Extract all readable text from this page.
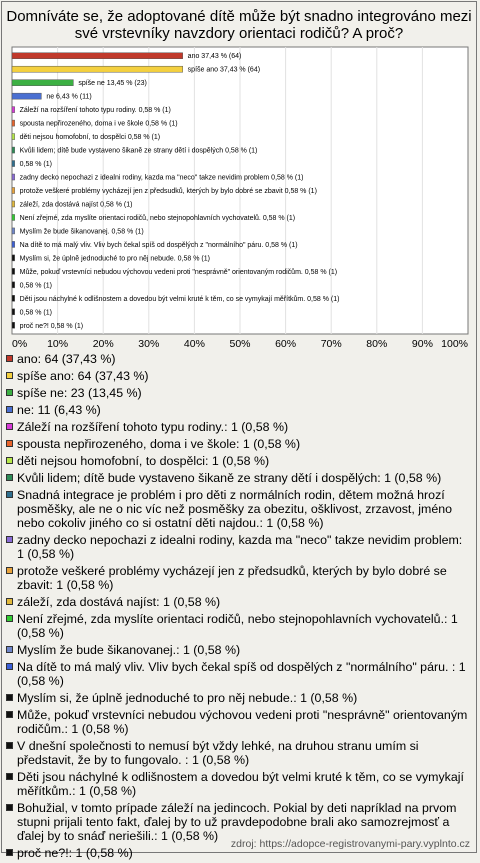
Domníváte se, že adoptované dítě může být snadno integrováno mezi své vrstevníky navzdory orientaci rodičů? A proč?
ano 37,43 % (64)
spíše ano 37,43 % (64)
spíše ne 13,45 % (23)
ne 6,43 % (11)
Záleží na rozšíření tohoto typu rodiny. 0,58 % (1)
spousta nepřirozeného, doma i ve škole 0,58 % (1)
děti nejsou homofobní, to dospělci 0,58 % (1)
Kvůli lidem; dítě bude vystaveno šikaně ze strany dětí i dospělých 0,58 % (1)
0,58 % (1)
zadny decko nepochazi z idealni rodiny, kazda ma "neco" takze nevidim problem 0,58 % (1)
protože veškeré problémy vycházejí jen z předsudků, kterých by bylo dobré se zbavit 0,58 % (1)
záleží, zda dostává najíst 0,58 % (1)
Není zřejmé, zda myslíte orientaci rodičů, nebo stejnopohlavních vychovatelů. 0,58 % (1)
Myslím že bude šikanovanej. 0,58 % (1)
Na dítě to má malý vliv. Vliv bych čekal spíš od dospělých z "normálního" páru. 0,58 % (1)
Myslím si, že úplně jednoduché to pro něj nebude. 0,58 % (1)
Může, pokuď vrstevníci nebudou výchovou vedeni proti "nesprávně" orientovaným rodičům. 0,58 % (1)
0,58 % (1)
Děti jsou náchylné k odlišnostem a dovedou být velmi kruté k těm, co se vymykají měřítkům. 0,58 % (1)
0,58 % (1)
proč ne?! 0,58 % (1)
0% 10% 20% 30% 40% 50% 60% 70% 80% 90% 100%
ano: 64 (37,43 %)
spíše ano: 64 (37,43 %)
spíše ne: 23 (13,45 %)
ne: 11 (6,43 %)
Záleží na rozšíření tohoto typu rodiny.: 1 (0,58 %)
spousta nepřirozeného, doma i ve škole: 1 (0,58 %)
děti nejsou homofobní, to dospělci: 1 (0,58 %)
Kvůli lidem; dítě bude vystaveno šikaně ze strany dětí i dospělých: 1 (0,58 %)
Snadná integrace je problém i pro děti z normálních rodin, dětem možná hrozí posměšky, ale ne o nic víc než posměšky za obezitu, ošklivost, zrzavost, jméno nebo cokoliv jiného co si ostatní děti najdou.: 1 (0,58 %)
zadny decko nepochazi z idealni rodiny, kazda ma "neco" takze nevidim problem: 1 (0,58 %)
protože veškeré problémy vycházejí jen z předsudků, kterých by bylo dobré se zbavit: 1 (0,58 %)
záleží, zda dostává najíst: 1 (0,58 %)
Není zřejmé, zda myslíte orientaci rodičů, nebo stejnopohlavních vychovatelů.: 1 (0,58 %)
Myslím že bude šikanovanej.: 1 (0,58 %)
Na dítě to má malý vliv. Vliv bych čekal spíš od dospělých z "normálního" páru. : 1 (0,58 %)
Myslím si, že úplně jednoduché to pro něj nebude.: 1 (0,58 %)
Může, pokuď vrstevníci nebudou výchovou vedeni proti "nesprávně" orientovaným rodičům.: 1 (0,58 %)
V dnešní společnosti to nemusí být vždy lehké, na druhou stranu umím si představit, že by to fungovalo. : 1 (0,58 %)
Děti jsou náchylné k odlišnostem a dovedou být velmi kruté k těm, co se vymykají měřítkům.: 1 (0,58 %)
Bohužial, v tomto prípade záleží na jedincoch. Pokial by deti napríklad na prvom stupni prijali tento fakt, ďalej by to už pravdepodobne brali ako samozrejmosť a ďalej by to snáď neriešili.: 1 (0,58 %)
proč ne?!: 1 (0,58 %)
zdroj: https://adopce-registrovanymi-pary.vyplnto.cz
